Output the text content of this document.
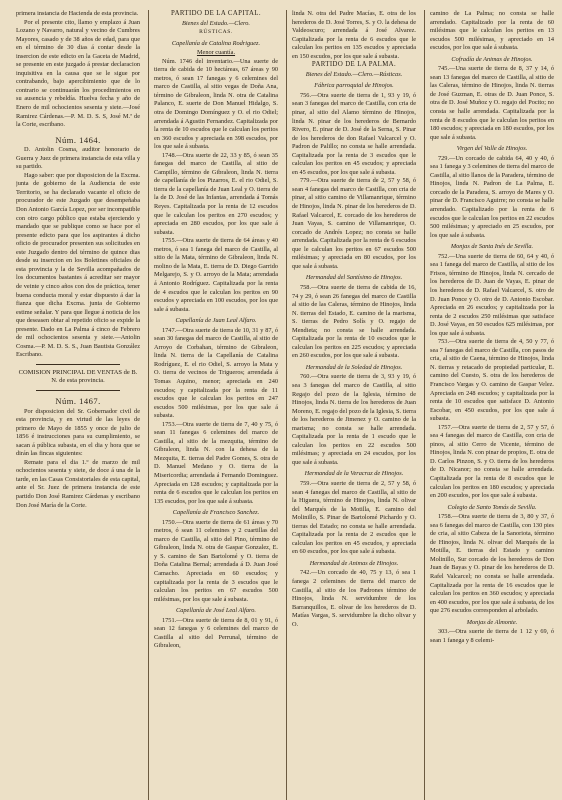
primera instancia de Hacienda de esta provincia.

Por el presente cito, llamo y emplazo á Juan Lozano y Navarro, natural y vecino de Cumbres Mayores, casado y de 38 años de edad, para que en el término de 30 dias á contar desde la insercion de este edicto en la Gaceta de Madrid, se presente en este juzgado á prestar declaracion inquisitiva en la causa que se le sigue por contrabando, bajo apercibimiento que de lo contrario se continuarán los procedimientos en su ausencia y rebeldía. Huelva fecha y año de Enero de mil ochocientos sesenta y siete.—José Ramirez Cárdenas.—P. M. D. S. S, José M.ª de la Corte, escribano.

Núm. 1464.

D. Antolin Cosma, auditor honorario de Guerra y Juez de primera instancia de esta villa y su partido.

Hago saber: que por disposicion de la Excma. junta de gobierno de la Audiencia de este Territorio, se ha declarado vacante el oficio de procurador de este Juzgado que desempeñaba Don Antonio García Lopez, por ser incompatible con otro cargo público que estaba ejerciendo y mandado que se publique como se hace por el presente edicto para que los aspirantes á dicho oficio de procurador presenten sus solicitudes en este Juzgado dentro del término de quince dias desde su insercion en los Boletines oficiales de esta provincia y la de Sevilla acompañados de los documentos bastantes á acreditar ser mayor de veinte y cinco años con dos de práctica, tener buena conducta moral y estar dispuesto á dar la fianza que dicha Excma. junta de Gobierno estime señalar. Y para que llegue á noticia de los que deseasen obtar al repetido oficio se expide la presente. Dado en La Palma á cinco de Febrero de mil ochocientos sesenta y siete.—Antolin Cosma.—P. M. D. S. S., Juan Bautista González Escribano.

COMISION PRINCIPAL DE VENTAS de B. N. de esta provincia.
Núm. 1467.

Por disposicion del Sr. Gobernador civil de esta provincia, y en virtud de las leyes de primero de Mayo de 1855 y once de julio de 1856 é instrucciones para su cumplimiento, se sacan á pública subasta, en el dia y hora que se dirán las fincas siguientes:

Remate para el dia 1.º de marzo de mil ochocientos sesenta y siete, de doce á una de la tarde, en las Casas Consistoriales de esta capital, ante el Sr. Juez de primera instancia de este partido Don José Ramirez Cárdenas y escribano Don José María de la Corte.

PARTIDO DE LA CAPITAL.
Bienes del Estado.—Clero.
RÚSTICAS.
Capellanía de Catalina Rodriguez.
Menor cuantía.

Núm. 1746 del inventario.—Una suerte de tierra de cabida de 10 hectáreas, 67 áreas y 90 metros, ó sean 17 fanegas y 6 celemines del marco de Castilla, al sitio vegas de Doña Ana, término de Gibraleon, linda N. otra de Catalina Palanco, E. suerte de Don Manuel Hidalgo, S. otra de Domingo Domínguez y O. el rio Odiel; arrendada á Agustin Fernandez. Capitalizada por la renta de 10 escudos que le calculan los peritos en 360 escudos y apreciada en 398 escudos, por los que sale á subasta.

1748.—Otra suerte de 22, 33 y 85, ó sean 35 fanegas del marco de Castilla, al sitio de Campillo, término de Gibraleon, linda N. tierra de capellanía de los Pizarros, E. el rio Odiel, S. tierra de la capellanía de Juan Leal y O. tierra de la de D. José de las Infantas, arrendada á Tomás Reyes. Capitalizada por la renta de 12 escudos que le calculan los peritos en 270 escudos; y apreciada en 280 escudos, por los que sale á subasta.

1755.—Otra suerte de tierra de 64 áreas y 40 metros, ó sea 1 fanega del marco de Castilla, al sitio de la Mata, término de Gibraleon, linda N. molino de la Mata, E. tierra de D. Diego Garrido Melgarejo, S. y O. arroyo de la Mata; arrendada á Antonio Rodríguez. Capitalizada por la renta de 4 escudos que le calculan los peritos en 90 escudos y apreciada en 100 escudos, por los que sale á subasta.

Capellanía de Juan Leal Alfaro.

1747.—Otra suerte de tierra de 10, 31 y 87, ó sean 30 fanegas del marco de Castilla, al sitio de Arroyo de Corbahan, término de Gibraleon, linda N. tierra de la Capellanía de Catalina Rodríguez, E. el rio Odiel, S. arroyo la Mata y O. tierra de vecinos de Trigueros; arrendada á Tomas Aquino, menor; apreciada en 240 escudos; y capitalizada por la renta de 11 escudos que le calculan los peritos en 247 escudos 500 milésimas, por los que sale á subasta.

1753.—Otra suerte de tierra de 7, 40 y 75, ó sean 11 fanegas 6 celemines del marco de Castilla, al sitio de la mezquita, término de Gibraleon, linda N. con la dehesa de la Mezquita, E. tierras del Padre Gomes, S. otra de D. Manuel Medano y O. tierra de la Misericordia; arrendada á Fernando Dominguez. Apreciada en 128 escudos; y capitalizada por la renta de 6 escudos que le calculan los peritos en 135 escudos, por los que sale á subasta.

Capellanía de Francisco Sanchez.

1750.—Otra suerte de tierra de 61 áreas y 70 metros, ó sean 11 celemines y 2 cuartillas del marco de Castilla, al sitio del Pino, término de Gibraleon, linda N. otra de Gaspar Gonzalez, E. y S. camino de San Bartolomé y O. tierra de Doña Catalina Bernal; arrendada á D. Juan José Camacho. Apreciada en 60 escudos; y capitalizada por la renta de 3 escudos que le calculan los peritos en 67 escudos 500 milésimas, por los que sale á subasta.

Capellanía de José Leal Alfaro.

1751.—Otra suerte de tierra de 8, 01 y 91, ó sean 12 fanegas y 6 celemines del marco de Castilla al sitio del Perrunal, término de Gibraleon,

linda N. otra del Padre Macías, E. otra de los herederos de D. José Torres, S. y O. la dehesa de Valdeoscuro; arrendada á José Alvarez. Capitalizada por la renta de 6 escudos que le calculan los peritos en 135 escudos y apreciada en 150 escudos, por los que sale á subasta.

PARTIDO DE LA PALMA.
Bienes del Estado.—Clero.—Rústicas.
Fábrica parroquial de Hinojos.

756.—Otra suerte de tierra de 1, 93 y 19, ó sean 3 fanegas del marco de Castilla, con cria de pinar, al sitio del Alamo término de Hinojos, linda N. pinar de los herederos de Bernardo Rivero, E. pinar de D. José de la Serna, S. Pinar de los herederos de don Rafael Valcarcel y O. Padron de Palillo; no consta se halle arrendada. Capitalizada por la renta de 3 escudos que le calculan los peritos en 45 escudos; y apreciada en 45 escudos, por los que sale á subasta.

779.—Otra suerte de tierra de 2, 57 y 58, ó sean 4 fanegas del marco de Castilla, con cria de pinar, al sitio camino de Villamanrique, término de Hinojos, linda N. pinar de los herederos de D. Rafael Valcarcel, E. corcado de los herederos de Juan Vayas, S. camino de Villamanrique, O. corcado de Andrés Lopez; no consta se halle arrendada. Capitalizada por la renta de 6 escudos que le calculan los peritos en 67 escudos 500 milésimas; y apreciada en 80 escudos, por los que sale á subasta.

Hermandad del Santísimo de Hinojos.

758.—Otra suerte de tierra de cabida de 16, 74 y 29, ó sean 26 fanegas del marco de Castilla al sitio de las Caleras, término de Hinojos, linda N. tierras del Estado, E. camino de la marisma, S. tierras de Pedro Solís y O. regajo de Mendieta; no consta se halle arrendada. Capitalizada por la renta de 10 escudos que le calculan los peritos en 225 escudos; y apreciada en 260 escudos, por los que sale á subasta.

Hermandad de la Soledad de Hinojos.

760.—Otra suerte de tierra de 3, 93 y 19, ó sea 3 fanegas del marco de Castilla, al sitio Regajo del pozo de la Iglesia, término de Hinojos, linda N. tierra de los herederos de Juan Moreno, E. regajo del pozo de la Iglesia, S. tierra de los herederos de Jimenez y O. camino de la marisma; no consta se halle arrendada. Capitalizada por la renta de 1 escudo que le calculan los peritos en 22 escudos 500 milésimas; y apreciada en 24 escudos, por los que sale á subasta.

Hermandad de la Veracruz de Hinojos.

759.—Otra suerte de tierra de 2, 57 y 58, ó sean 4 fanegas del marco de Castilla, al sitio de la Higuera, término de Hinojos, linda N. olivar del Marqués de la Motilla, E. camino del Molinillo, S. Pinar de Bartolomé Pichardo y O. tierras del Estado; no consta se halle arrendada. Capitalizada por la renta de 2 escudos que le calculan los peritos en 45 escudos, y apreciada en 60 escudos, por los que sale á subasta.

Hermandad de Animas de Hinojos.

742.—Un corcado de 40, 75 y 13, ó sea 1 fanega 2 celemines de tierra del marco de Castilla, al sitio de los Padrones término de Hinojos, linda N. servidumbre de los Barranquillos, E. olivar de los herederos de D. Matías Vargas, S. servidumbre la dicho olivar y O.

camino de La Palma; no consta se halle arrendado. Capitalizado por la renta de 60 milésimas que le calculan los peritos en 13 escudos 500 milésimas, y apreciado en 14 escudos, por los que sale á subasta.

Cofradía de Animas de Hinojos.

745.—Una suerte de tierra de 8, 37 y 14, ó sean 13 fanegas del marco de Castilla, al sitio de las Caleras, término de Hinojos, linda N. tierras de José Guzman, E. otras de D. Juan Ponce, S. otra de D. José Muñoz y O. regajo del Pocito; no consta se halle arrendada. Capitalizada por la renta de 8 escudos que le calculan los peritos en 180 escudos; y apreciada en 180 escudos, por los que sale á subasta.

Virgen del Valle de Hinojos.

729.—Un corcado de cabida 64, 40 y 40, ó sea 1 fanega y 3 celemines de tierra del marco de Castilla, al sitio llanos de la Paradera, término de Hinojos, linda N. Padron de La Palma, E. corcado de la Paradera, S. arroyo de Mares y O. pinar de D. Francisco Aguirre; no consta se halle arrendado. Capitalizado por la renta de 6 escudos que le calculan los peritos en 22 escudos 500 milésimas; y apreciado en 25 escudos, por los que sale á subasta.

Monjas de Santa Inés de Sevilla.

752.—Una suerte de tierra de 60, 64 y 40, ó sea 1 fanega del marco de Castilla, al sitio de los Frisos, término de Hinojos, linda N. cercado de los herederos de D. Juan de Vayas, E. pinar de los herederos de D. Rafael Valcarcel, S. otro de D. Juan Ponce y O. otro de D. Antonio Escobar. Apreciada en 26 escudos; y capitalizada por la renta de 2 escudos 250 milésimas que satisface D. José Vayas, en 50 escudos 625 milésimas, por los que sale á subasta.

753.—Otra suerte de tierra de 4, 50 y 77, ó sea 7 fanegas del marco de Castilla, con pasos de cria, al sitio de Caena, término de Hinojos, linda N. tierras y retacado de propiedad particular, E. camino del Cuesto, S. otra de los herederos de Francisco Vargas y O. camino de Gaspar Velez. Apreciada en 248 escudos; y capitalizada por la renta de 10 escudos que satisface D. Antonio Escobar, en 450 escudos, por los que sale á subasta.

1757.—Otra suerte de tierra de 2, 57 y 57, ó sea 4 fanegas del marco de Castilla, con cria de pinos, al sitio Cerro de Vicente, término de Hinojos, linda N. con pinar de propios, E. otra de D. Carlos Pinzon, S. y O. tierra de los herederos de D. Nicanor; no consta se halle arrendada. Capitalizada por la renta de 8 escudos que le calculan los peritos en 180 escudos; y apreciada en 200 escudos, por los que sale á subasta.

Colegio de Santo Tomás de Sevilla.

1758.—Otra suerte de tierra de 3, 80 y 37, ó sea 6 fanegas del marco de Castilla, con 130 pies de cria, al sitio Cabeza de la Sanoriota, término de Hinojos, linda N. olivar del Marqués de la Motilla, E. tierras del Estado y camino Molinillo, Sur corcado de los herederos de Don Juan de Bayas y O. pinar de los herederos de D. Rafel Valcarcel; no consta se halle arrendada. Capitalizada por la renta de 16 escudos que le calculan los peritos en 360 escudos; y apreciada en 400 escudos, por los que sale á subasta, de los que 276 escudos corresponden al arbolado.

Monjas de Almonte.

303.—Otra suerte de tierra de 1 12 y 69, ó sean 1 fanega y 8 celemi-
